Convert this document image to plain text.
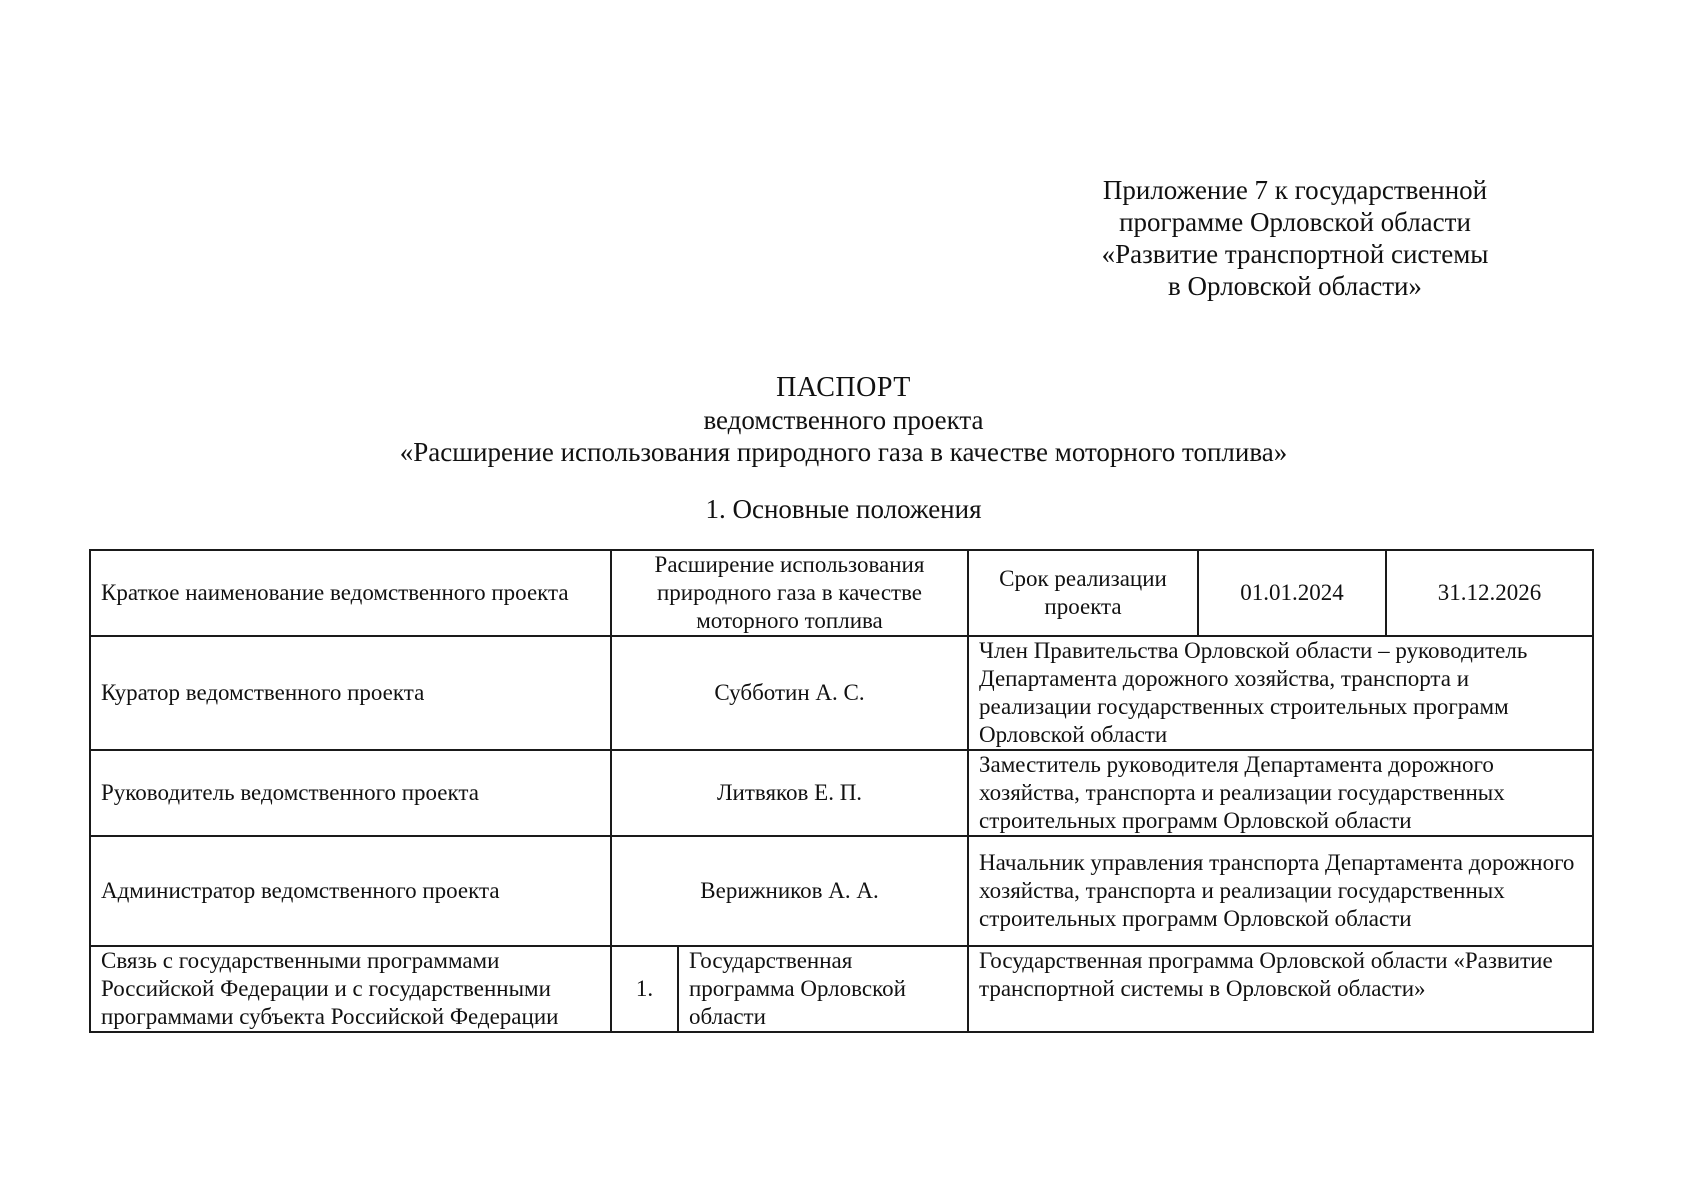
Приложение 7 к государственной
программе Орловской области
«Развитие транспортной системы
в Орловской области»
ПАСПОРТ
ведомственного проекта
«Расширение использования природного газа в качестве моторного топлива»
1. Основные положения
Краткое наименование ведомственного проекта	Расширение использования природного газа в качестве моторного топлива		Срок реализации проекта	01.01.2024	31.12.2026
Куратор ведомственного проекта	Субботин А. С.		Член Правительства Орловской области – руководитель Департамента дорожного хозяйства, транспорта и реализации государственных строительных программ Орловской области		
Руководитель ведомственного проекта	Литвяков Е. П.		Заместитель руководителя Департамента дорожного хозяйства, транспорта и реализации государственных строительных программ Орловской области		
Администратор ведомственного проекта	Верижников А. А.		Начальник управления транспорта Департамента дорожного хозяйства, транспорта и реализации государственных строительных программ Орловской области		
Связь с государственными программами Российской Федерации и с государственными программами субъекта Российской Федерации	1.	Государственная программа Орловской области	Государственная программа Орловской области «Развитие транспортной системы в Орловской области»		
